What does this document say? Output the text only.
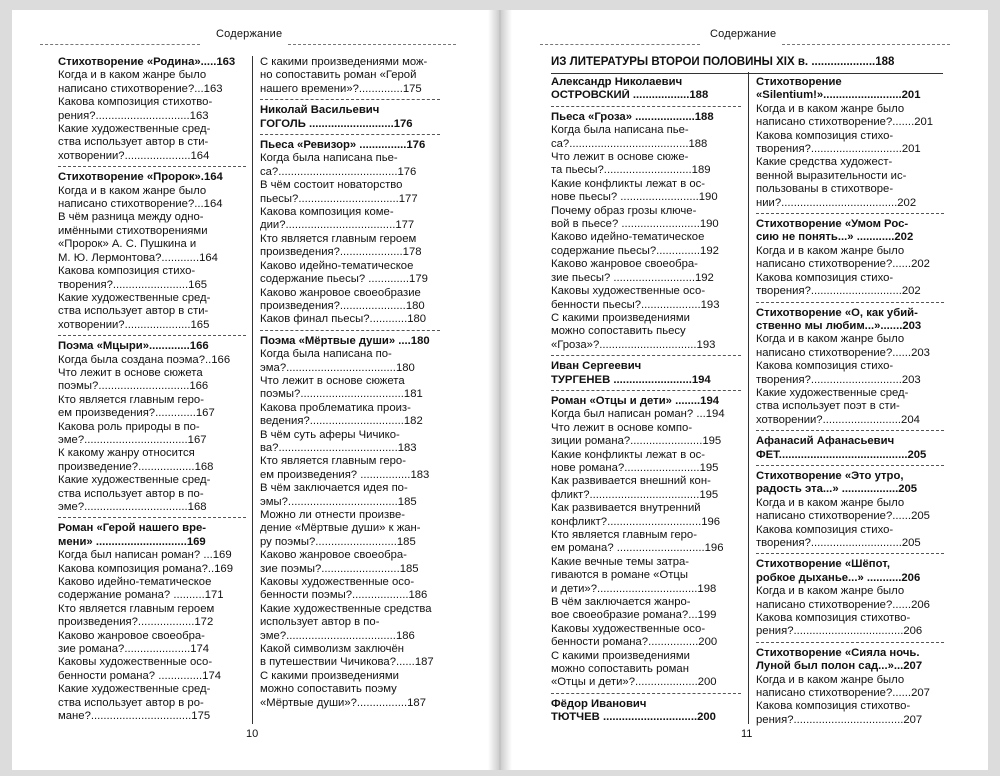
Содержание	Содержание
ИЗ ЛИТЕРАТУРЫ ВТОРОЙ ПОЛОВИНЫ XIX в. ....................188
Стихотворение «Родина».....163
Когда и в каком жанре было
написано стихотворение?...163
Какова композиция стихотво-
рения?..............................163
Какие художественные сред-
ства использует автор в сти-
хотворении?.....................164
Стихотворение «Пророк».164
Когда и в каком жанре было
написано стихотворение?...164
В чём разница между одно-
имёнными стихотворениями
«Пророк» А. С. Пушкина и
М. Ю. Лермонтова?............164
Какова композиция стихо-
творения?........................165
Какие художественные сред-
ства использует автор в сти-
хотворении?.....................165
Поэма «Мцыри».............166
Когда была создана поэма?..166
Что лежит в основе сюжета
поэмы?.............................166
Кто является главным геро-
ем произведения?.............167
Какова роль природы в по-
эме?.................................167
К какому жанру относится
произведение?..................168
Какие художественные сред-
ства использует автор в по-
эме?.................................168
Роман «Герой нашего вре-
мени» .............................169
Когда был написан роман? ...169
Какова композиция романа?..169
Каково идейно-тематическое
содержание романа? ..........171
Кто является главным героем
произведения?..................172
Каково жанровое своеобра-
зие романа?.....................174
Каковы художественные осо-
бенности романа? ..............174
Какие художественные сред-
ства использует автор в ро-
мане?................................175
С какими произведениями мож-
но сопоставить роман «Герой
нашего времени»?..............175
Николай Васильевич
ГОГОЛЬ ...........................176
Пьеса «Ревизор» ...............176
Когда была написана пье-
са?......................................176
В чём состоит новаторство
пьесы?................................177
Какова композиция коме-
дии?...................................177
Кто является главным героем
произведения?....................178
Каково идейно-тематическое
содержание пьесы? .............179
Каково жанровое своеобразие
произведения?.....................180
Каков финал пьесы?............180
Поэма «Мёртвые души» ....180
Когда была написана по-
эма?...................................180
Что лежит в основе сюжета
поэмы?.................................181
Какова проблематика произ-
ведения?..............................182
В чём суть аферы Чичико-
ва?......................................183
Кто является главным геро-
ем произведения? ................183
В чём заключается идея по-
эмы?...................................185
Можно ли отнести произве-
дение «Мёртвые души» к жан-
ру поэмы?..........................185
Каково жанровое своеобра-
зие поэмы?.........................185
Каковы художественные осо-
бенности поэмы?..................186
Какие художественные средства
использует автор в по-
эме?...................................186
Какой символизм заключён
в путешествии Чичикова?......187
С какими произведениями
можно сопоставить поэму
«Мёртвые души»?................187
Александр Николаевич
ОСТРОВСКИЙ ..................188
Пьеса «Гроза» ...................188
Когда была написана пье-
са?......................................188
Что лежит в основе сюже-
та пьесы?............................189
Какие конфликты лежат в ос-
нове пьесы? .........................190
Почему образ грозы ключе-
вой в пьесе? .........................190
Каково идейно-тематическое
содержание пьесы?..............192
Каково жанровое своеобра-
зие пьесы? ..........................192
Каковы художественные осо-
бенности пьесы?...................193
С какими произведениями
можно сопоставить пьесу
«Гроза»?...............................193
Иван Сергеевич
ТУРГЕНЕВ .........................194
Роман «Отцы и дети» ........194
Когда был написан роман? ...194
Что лежит в основе компо-
зиции романа?.......................195
Какие конфликты лежат в ос-
нове романа?........................195
Как развивается внешний кон-
фликт?...................................195
Как развивается внутренний
конфликт?..............................196
Кто является главным геро-
ем романа? ............................196
Какие вечные темы затра-
гиваются в романе «Отцы
и дети»?................................198
В чём заключается жанро-
вое своеобразие романа?...199
Каковы художественные осо-
бенности романа?................200
С какими произведениями
можно сопоставить роман
«Отцы и дети»?....................200
Фёдор Иванович
ТЮТЧЕВ ..............................200
Стихотворение
«Silentium!».........................201
Когда и в каком жанре было
написано стихотворение?.......201
Какова композиция стихо-
творения?.............................201
Какие средства художест-
венной выразительности ис-
пользованы в стихотворе-
нии?.....................................202
Стихотворение «Умом Рос-
сию не понять...» ............202
Когда и в каком жанре было
написано стихотворение?......202
Какова композиция стихо-
творения?.............................202
Стихотворение «О, как убий-
ственно мы любим...».......203
Когда и в каком жанре было
написано стихотворение?......203
Какова композиция стихо-
творения?.............................203
Какие художественные сред-
ства использует поэт в сти-
хотворении?.........................204
Афанасий Афанасьевич
ФЕТ.........................................205
Стихотворение «Это утро,
радость эта...» ..................205
Когда и в каком жанре было
написано стихотворение?......205
Какова композиция стихо-
творения?.............................205
Стихотворение «Шёпот,
робкое дыханье...» ...........206
Когда и в каком жанре было
написано стихотворение?......206
Какова композиция стихотво-
рения?...................................206
Стихотворение «Сияла ночь.
Луной был полон сад...»...207
Когда и в каком жанре было
написано стихотворение?......207
Какова композиция стихотво-
рения?...................................207
10	11
